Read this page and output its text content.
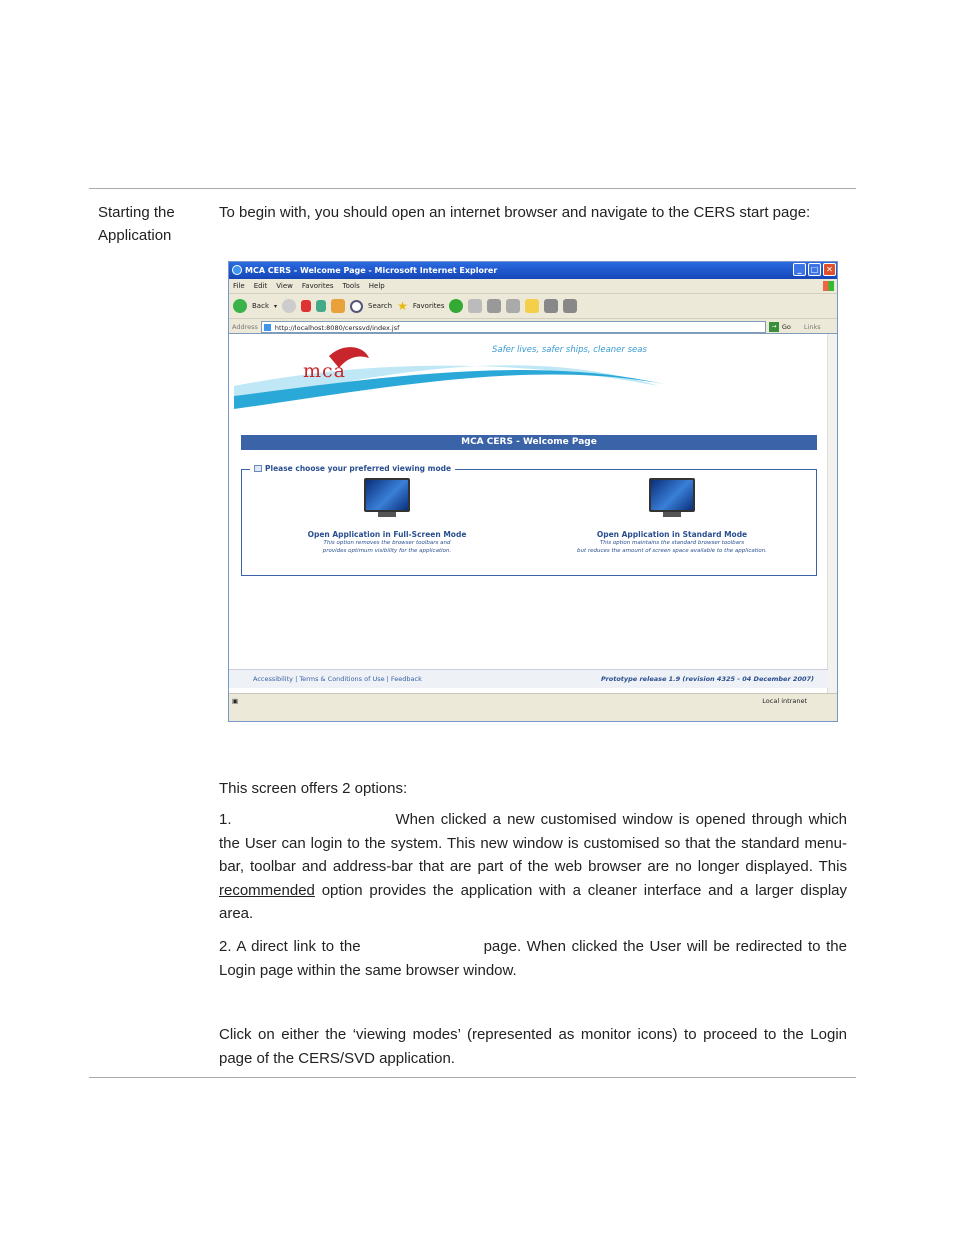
Starting the
Application
To begin with, you should open an internet browser and navigate to the CERS start page:
MCA CERS - Welcome Page - Microsoft Internet Explorer	_	□ ✕
File Edit View Favorites Tools Help
Back ▾	Search ★ Favorites
Address	http://localhost:8080/cerssvd/index.jsf	→ Go Links
mca
Safer lives, safer ships, cleaner seas
MCA CERS - Welcome Page
Please choose your preferred viewing mode
Open Application in Full-Screen Mode
This option removes the browser toolbars and
provides optimum visibility for the application.
Open Application in Standard Mode
This option maintains the standard browser toolbars
but reduces the amount of screen space available to the application.
Accessibility | Terms & Conditions of Use | Feedback	Prototype release 1.9 (revision 4325 - 04 December 2007)
▣	Local intranet
This screen offers 2 options:
1.	When clicked a new customised window is opened through which the User can login to the system. This new window is customised so that the standard menu-bar, toolbar and address-bar that are part of the web browser are no longer displayed. This recommended option provides the application with a cleaner interface and a larger display area.
2. A direct link to the	page. When clicked the User will be redirected to the Login page within the same browser window.
Click on either the ‘viewing modes’ (represented as monitor icons) to proceed to the Login page of the CERS/SVD application.
